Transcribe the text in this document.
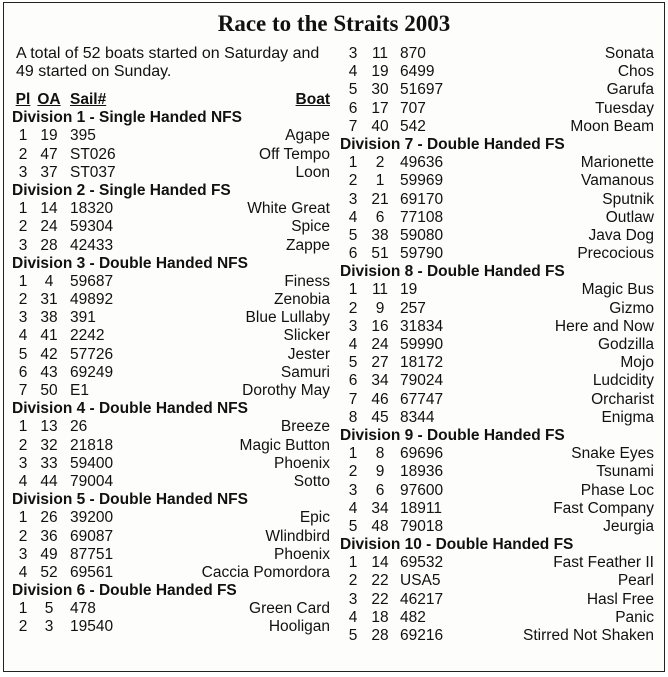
Race to the Straits 2003
A total of 52 boats started on Saturday and 49 started on Sunday.
Pl OA Sail#	Boat
Division 1 - Single Handed NFS
1 19 395	Agape
2 47 ST026	Off Tempo
3 37 ST037	Loon
Division 2 - Single Handed FS
1 14 18320	White Great
2 24 59304	Spice
3 28 42433	Zappe
Division 3 - Double Handed NFS
1	4	59687	Finess
2 31 49892	Zenobia
3 38 391	Blue Lullaby
4 41 2242	Slicker
5 42 57726	Jester
6 43 69249	Samuri
7 50 E1	Dorothy May
Division 4 - Double Handed NFS
1 13 26	Breeze
2 32 21818	Magic Button
3 33 59400	Phoenix
4 44 79004	Sotto
Division 5 - Double Handed NFS
1 26 39200	Epic
2 36 69087	Wlindbird
3 49 87751	Phoenix
4 52 69561	Caccia Pomordora
Division 6 - Double Handed FS
1	5	478	Green Card
2	3	19540	Hooligan
3 11 870	Sonata
4 19 6499	Chos
5 30 51697	Garufa
6 17 707	Tuesday
7 40 542	Moon Beam
Division 7 - Double Handed FS
1	2	49636	Marionette
2	1	59969	Vamanous
3 21 69170	Sputnik
4	6	77108	Outlaw
5 38 59080	Java Dog
6 51 59790	Precocious
Division 8 - Double Handed FS
1 11 19	Magic Bus
2	9	257	Gizmo
3 16 31834	Here and Now
4 24 59990	Godzilla
5 27 18172	Mojo
6 34 79024	Ludcidity
7 46 67747	Orcharist
8 45 8344	Enigma
Division 9 - Double Handed FS
1	8	69696	Snake Eyes
2	9	18936	Tsunami
3	6	97600	Phase Loc
4 34 18911	Fast Company
5 48 79018	Jeurgia
Division 10 - Double Handed FS
1 14 69532	Fast Feather II
2 22 USA5	Pearl
3 22 46217	Hasl Free
4 18 482	Panic
5 28 69216	Stirred Not Shaken
